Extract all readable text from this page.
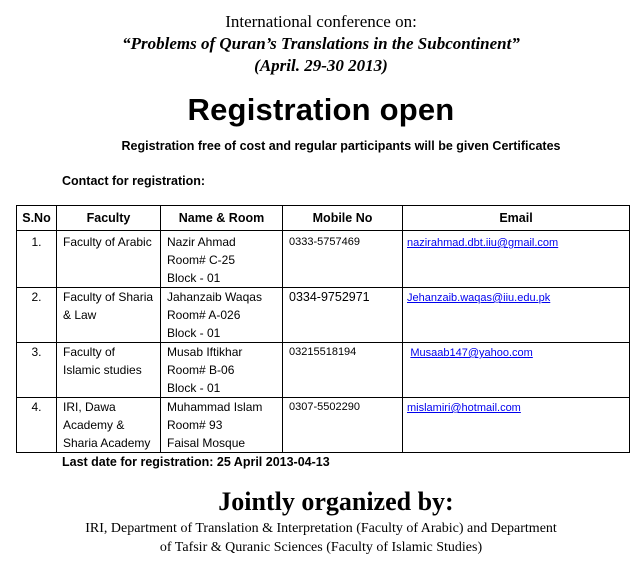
International conference on:
“Problems of Quran’s Translations in the Subcontinent”
(April. 29-30 2013)
Registration open
Registration free of cost and regular participants will be given Certificates
Contact for registration:
S.No	Faculty	Name & Room	Mobile No	Email
1.	Faculty of Arabic	Nazir Ahmad
Room# C-25
Block - 01	0333-5757469	nazirahmad.dbt.iiu@gmail.com
2.	Faculty of Sharia
& Law	Jahanzaib Waqas
Room# A-026
Block - 01	0334-9752971	Jehanzaib.waqas@iiu.edu.pk
3.	Faculty of
Islamic studies	Musab Iftikhar
Room# B-06
Block - 01	03215518194	Musaab147@yahoo.com
4.	IRI, Dawa
Academy &
Sharia Academy	Muhammad Islam
Room# 93
Faisal Mosque	0307-5502290	mislamiri@hotmail.com
Last date for registration: 25 April 2013-04-13
Jointly organized by:
IRI, Department of Translation & Interpretation (Faculty of Arabic) and Department
of Tafsir & Quranic Sciences (Faculty of Islamic Studies)
